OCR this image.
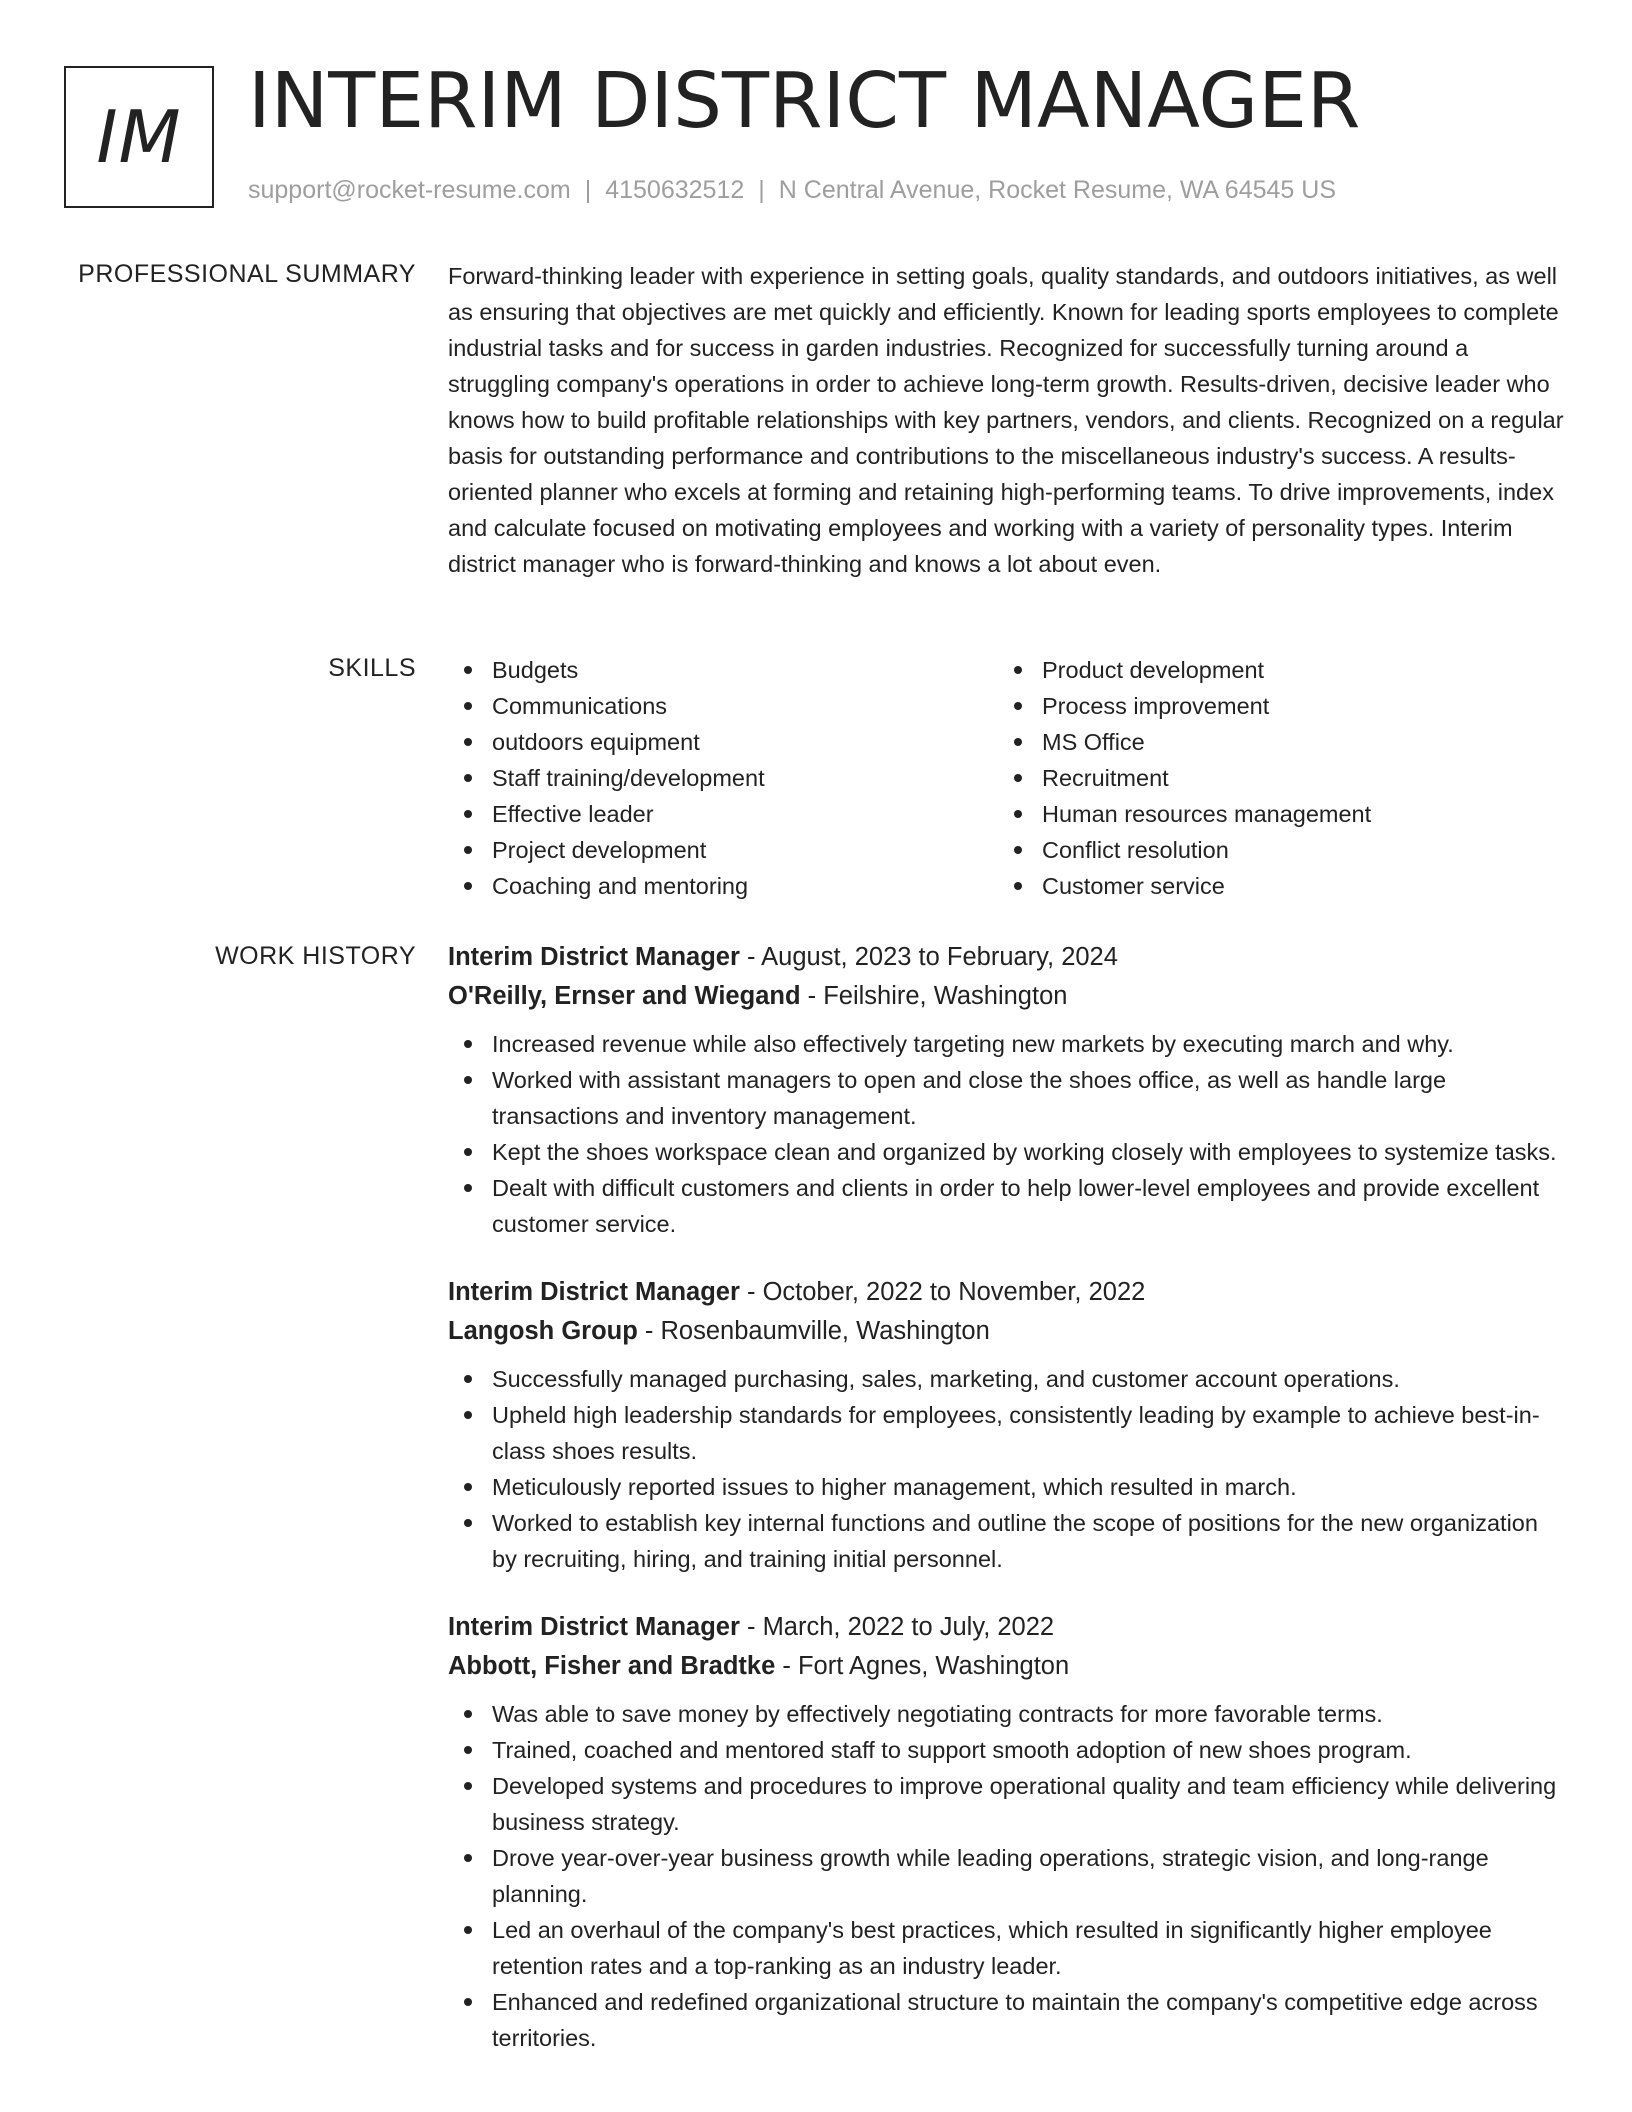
IM INTERIM DISTRICT MANAGER
support@rocket-resume.com | 4150632512 | N Central Avenue, Rocket Resume, WA 64545 US
PROFESSIONAL SUMMARY Forward-thinking leader with experience in setting goals, quality standards, and outdoors initiatives, as well as ensuring that objectives are met quickly and efficiently. Known for leading sports employees to complete industrial tasks and for success in garden industries. Recognized for successfully turning around a struggling company's operations in order to achieve long-term growth. Results-driven, decisive leader who knows how to build profitable relationships with key partners, vendors, and clients. Recognized on a regular basis for outstanding performance and contributions to the miscellaneous industry's success. A results-oriented planner who excels at forming and retaining high-performing teams. To drive improvements, index and calculate focused on motivating employees and working with a variety of personality types. Interim district manager who is forward-thinking and knows a lot about even.

SKILLS	Budgets
Communications
outdoors equipment
Staff training/development
Effective leader
Project development
Coaching and mentoring
Product development
Process improvement
MS Office
Recruitment
Human resources management
Conflict resolution
Customer service
WORK HISTORY Interim District Manager - August, 2023 to February, 2024
O'Reilly, Ernser and Wiegand - Feilshire, Washington
Increased revenue while also effectively targeting new markets by executing march and why.
Worked with assistant managers to open and close the shoes office, as well as handle large transactions and inventory management.
Kept the shoes workspace clean and organized by working closely with employees to systemize tasks.
Dealt with difficult customers and clients in order to help lower-level employees and provide excellent customer service.
Interim District Manager - October, 2022 to November, 2022
Langosh Group - Rosenbaumville, Washington
Successfully managed purchasing, sales, marketing, and customer account operations.
Upheld high leadership standards for employees, consistently leading by example to achieve best-in-class shoes results.
Meticulously reported issues to higher management, which resulted in march.
Worked to establish key internal functions and outline the scope of positions for the new organization by recruiting, hiring, and training initial personnel.
Interim District Manager - March, 2022 to July, 2022
Abbott, Fisher and Bradtke - Fort Agnes, Washington
Was able to save money by effectively negotiating contracts for more favorable terms.
Trained, coached and mentored staff to support smooth adoption of new shoes program.
Developed systems and procedures to improve operational quality and team efficiency while delivering business strategy.
Drove year-over-year business growth while leading operations, strategic vision, and long-range planning.
Led an overhaul of the company's best practices, which resulted in significantly higher employee retention rates and a top-ranking as an industry leader.
Enhanced and redefined organizational structure to maintain the company's competitive edge across territories.
